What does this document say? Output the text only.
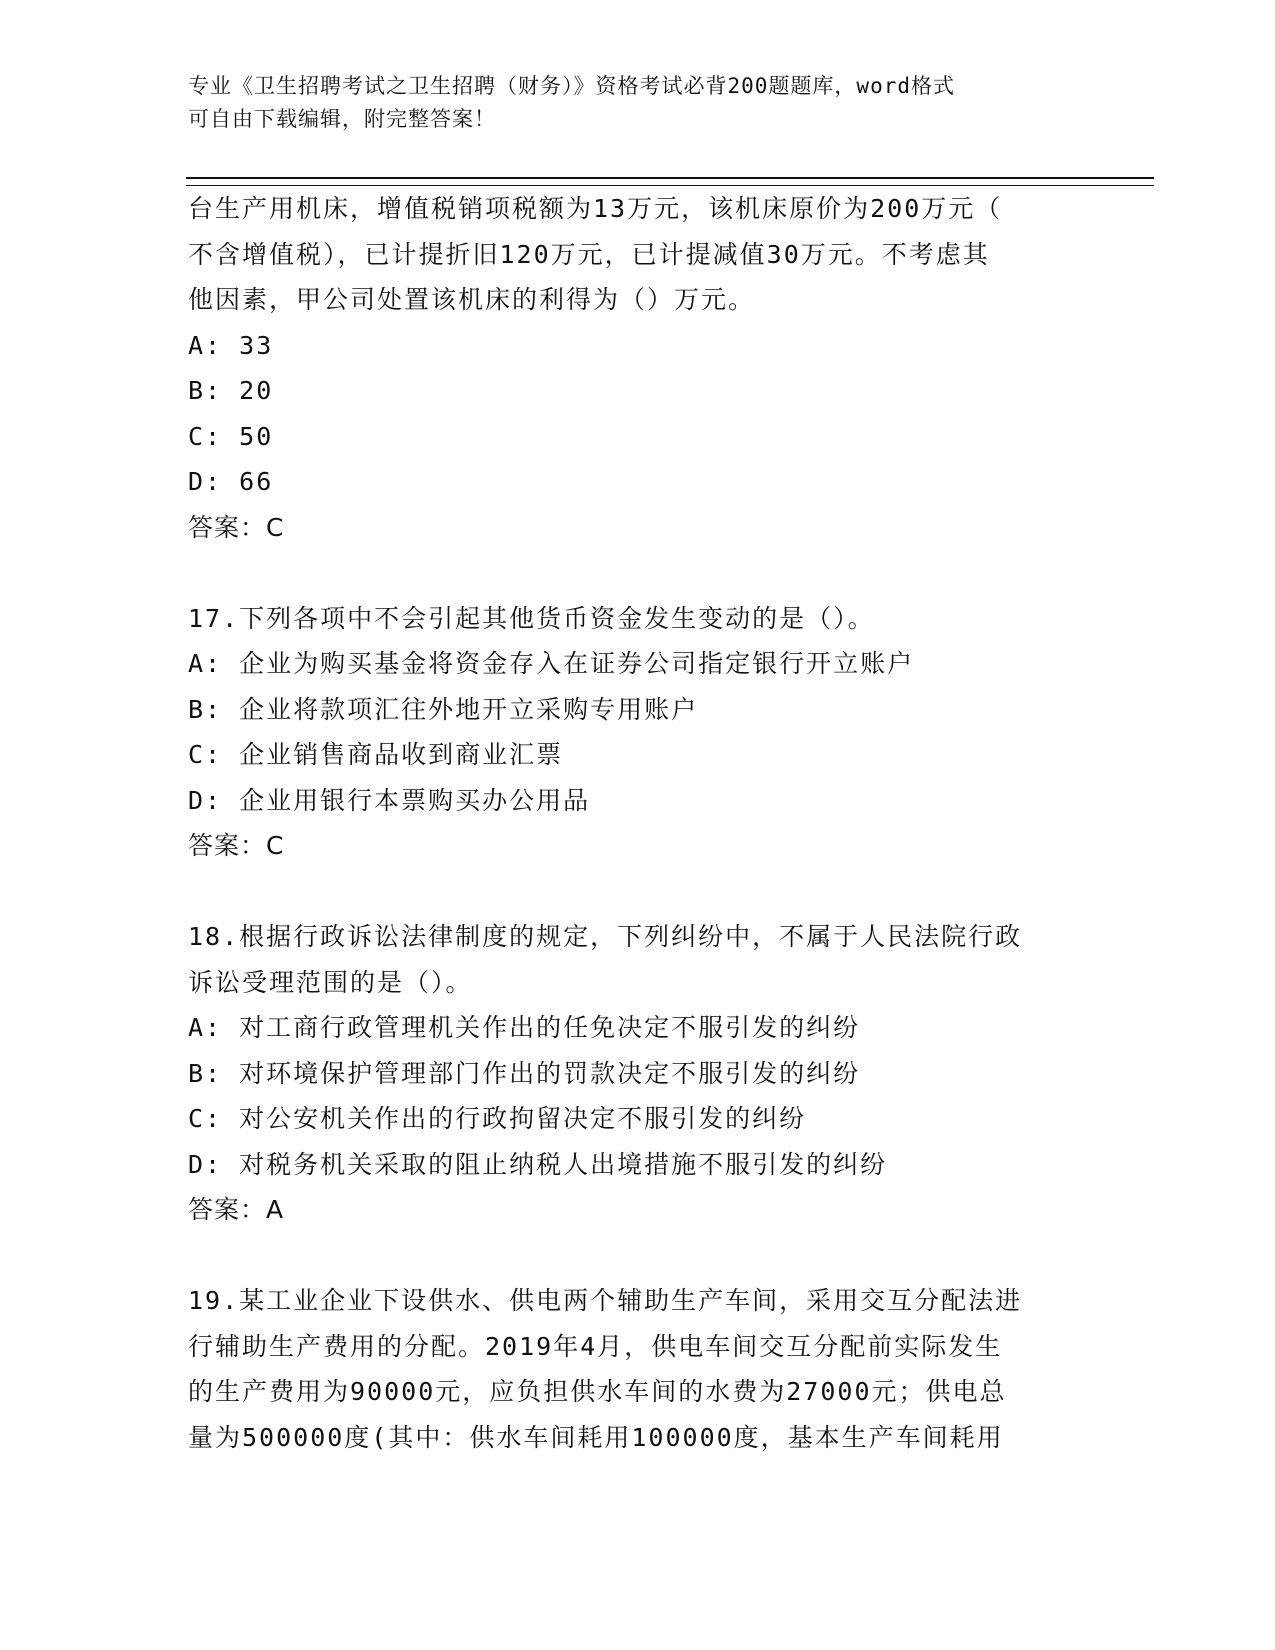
专业《卫生招聘考试之卫生招聘（财务）》资格考试必背200题题库，word格式
可自由下载编辑，附完整答案！
台生产用机床，增值税销项税额为13万元，该机床原价为200万元（
不含增值税），已计提折旧120万元，已计提减值30万元。不考虑其
他因素，甲公司处置该机床的利得为（）万元。
A: 33
B: 20
C: 50
D: 66
答案：C
17.下列各项中不会引起其他货币资金发生变动的是（）。
A: 企业为购买基金将资金存入在证券公司指定银行开立账户
B: 企业将款项汇往外地开立采购专用账户
C: 企业销售商品收到商业汇票
D: 企业用银行本票购买办公用品
答案：C
18.根据行政诉讼法律制度的规定，下列纠纷中，不属于人民法院行政
诉讼受理范围的是（）。
A: 对工商行政管理机关作出的任免决定不服引发的纠纷
B: 对环境保护管理部门作出的罚款决定不服引发的纠纷
C: 对公安机关作出的行政拘留决定不服引发的纠纷
D: 对税务机关采取的阻止纳税人出境措施不服引发的纠纷
答案：A
19.某工业企业下设供水、供电两个辅助生产车间，采用交互分配法进
行辅助生产费用的分配。2019年4月，供电车间交互分配前实际发生
的生产费用为90000元，应负担供水车间的水费为27000元；供电总
量为500000度(其中：供水车间耗用100000度，基本生产车间耗用
